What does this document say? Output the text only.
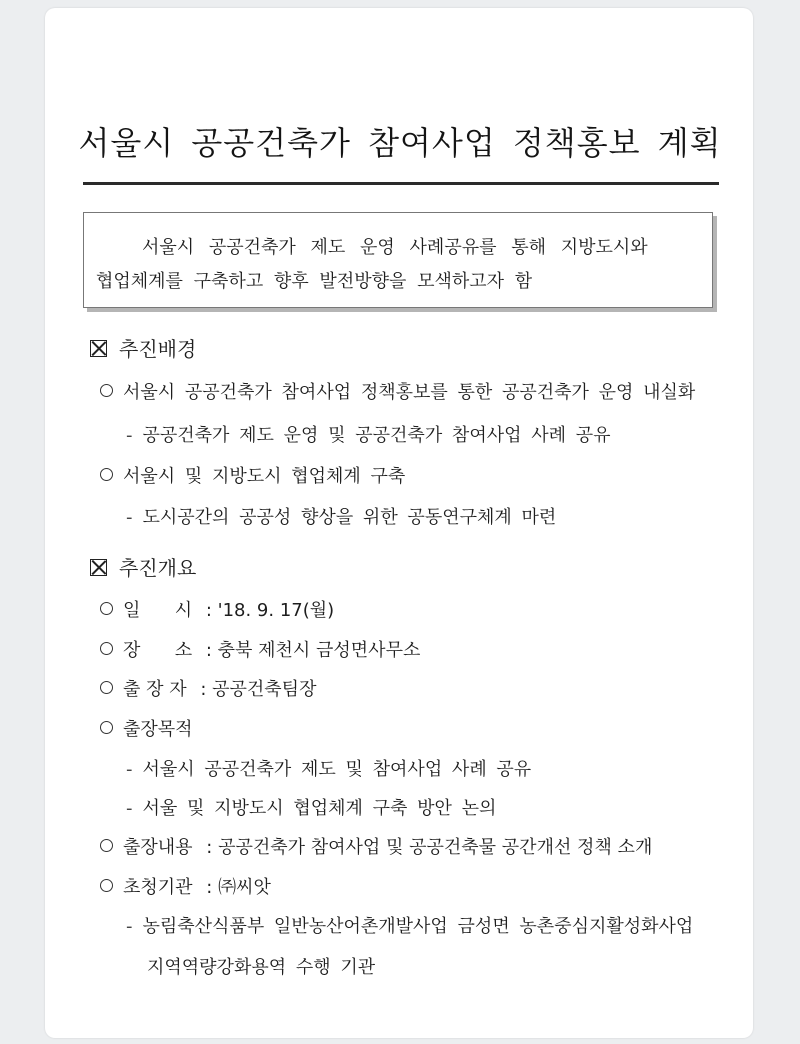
서울시 공공건축가 참여사업 정책홍보 계획
서울시 공공건축가 제도 운영 사례공유를 통해 지방도시와
협업체계를 구축하고 향후 발전방향을 모색하고자 함
추진배경
서울시 공공건축가 참여사업 정책홍보를 통한 공공건축가 운영 내실화
- 공공건축가 제도 운영 및 공공건축가 참여사업 사례 공유
서울시 및 지방도시 협업체계 구축
- 도시공간의 공공성 향상을 위한 공동연구체계 마련
추진개요
일      시 : '18. 9. 17(월)
장      소 : 충북 제천시 금성면사무소
출 장 자 : 공공건축팀장
출장목적
- 서울시 공공건축가 제도 및 참여사업 사례 공유
- 서울 및 지방도시 협업체계 구축 방안 논의
출장내용 : 공공건축가 참여사업 및 공공건축물 공간개선 정책 소개
초청기관 : ㈜씨앗
- 농림축산식품부 일반농산어촌개발사업 금성면 농촌중심지활성화사업
지역역량강화용역 수행 기관
